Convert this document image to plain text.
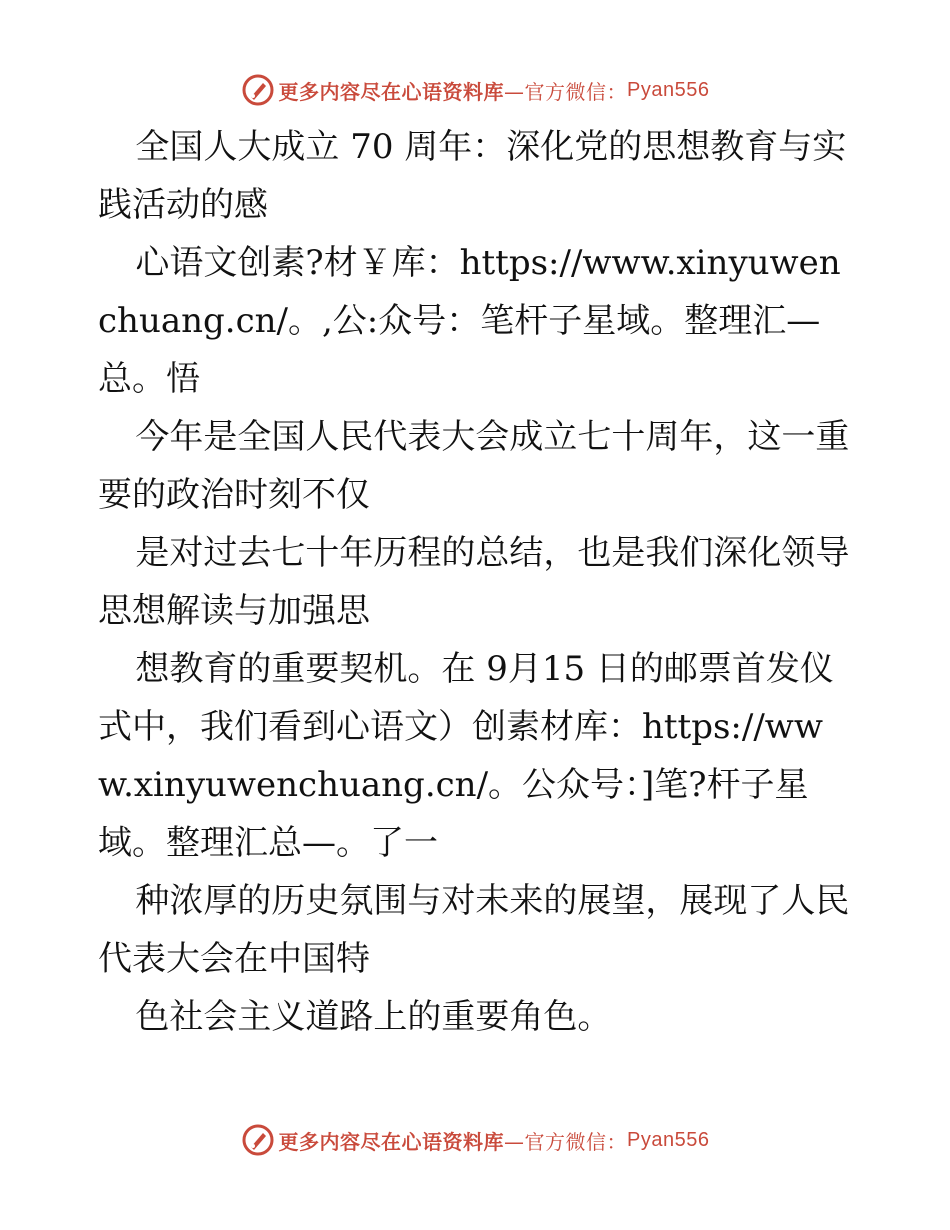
更多内容尽在心语资料库 —官方微信： Pyan556

全国人大成立 70 周年：深化党的思想教育与实践活动的感

心语文创素?材￥库：https://www.xinyuwenchuang.cn/。,公:众号：笔杆子星域。整理汇—总。悟

今年是全国人民代表大会成立七十周年，这一重要的政治时刻不仅

是对过去七十年历程的总结，也是我们深化领导思想解读与加强思

想教育的重要契机。在 9月15 日的邮票首发仪式中，我们看到心语文）创素材库：https://www.xinyuwenchuang.cn/。公众号：]笔?杆子星域。整理汇总—。了一

种浓厚的历史氛围与对未来的展望，展现了人民代表大会在中国特

色社会主义道路上的重要角色。

更多内容尽在心语资料库 —官方微信： Pyan556
